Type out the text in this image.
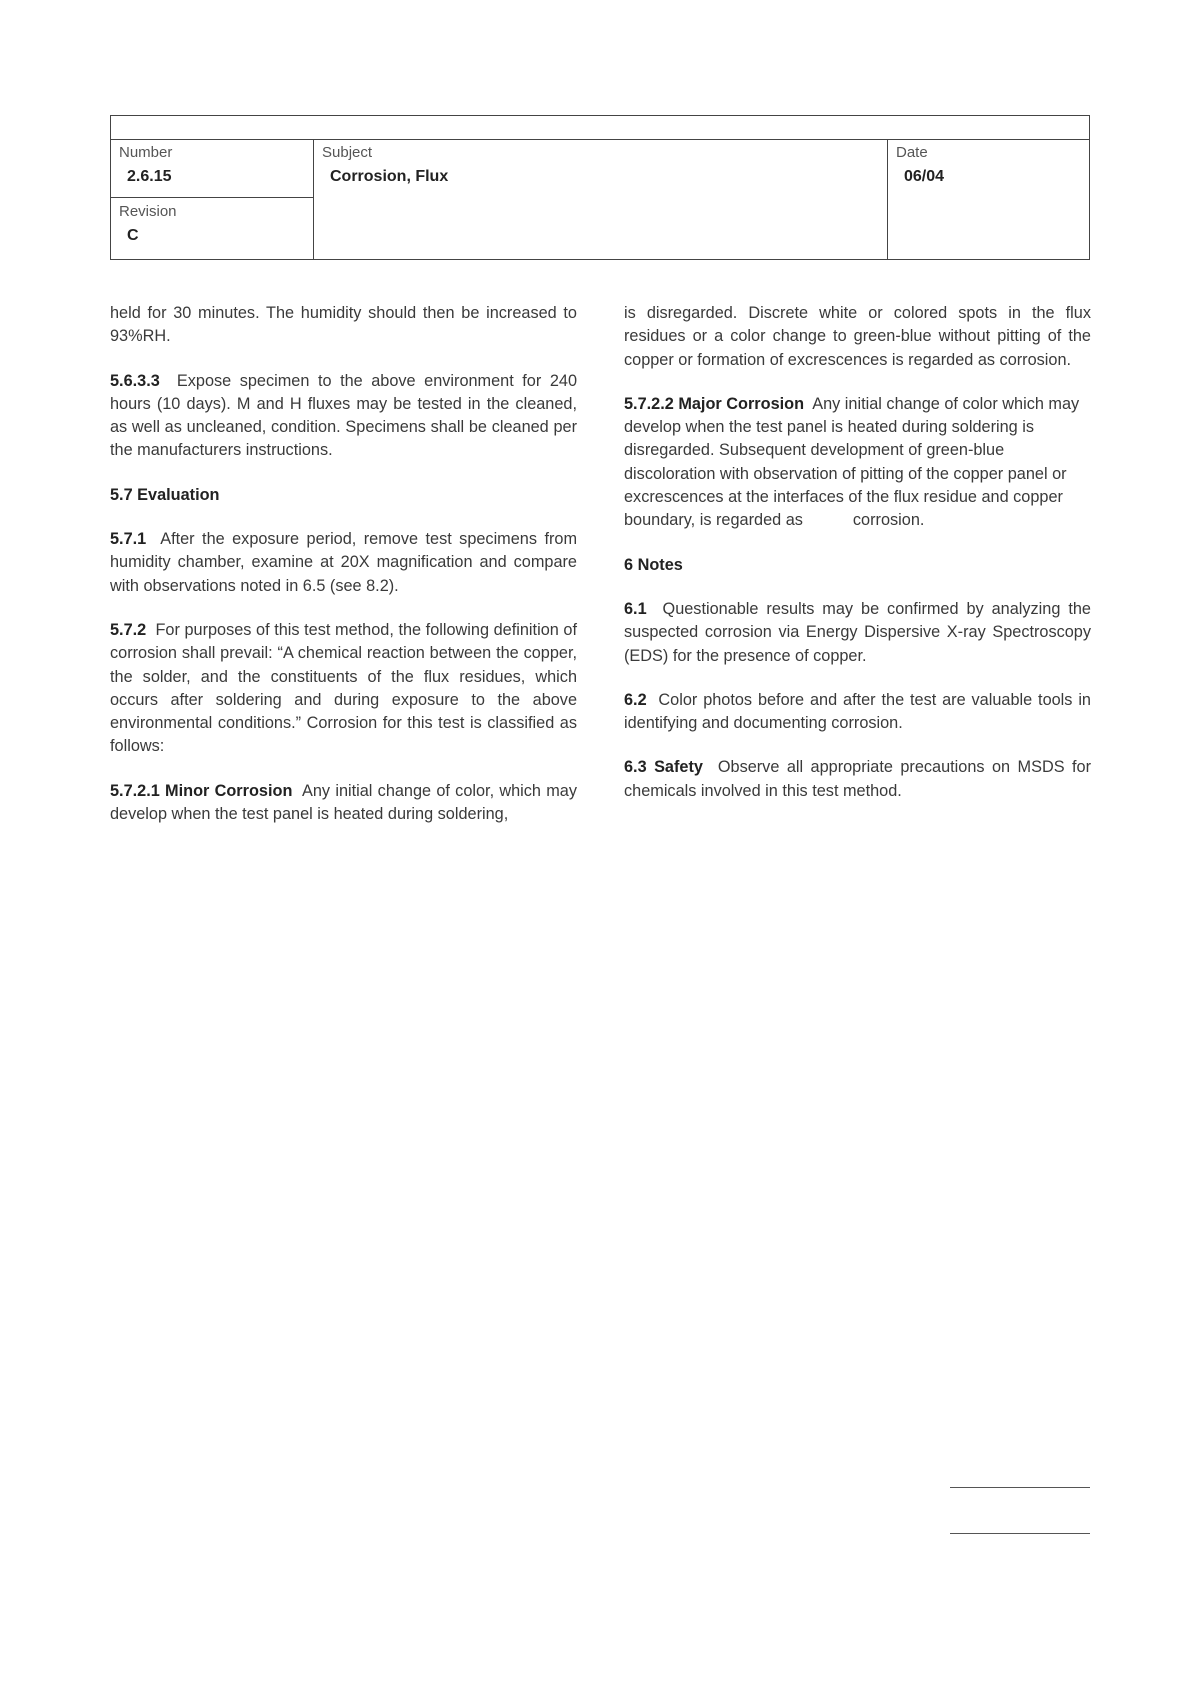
Number
2.6.15
Revision
C
Subject
Corrosion, Flux
Date
06/04

held for 30 minutes. The humidity should then be increased to 93%RH.

5.6.3.3 Expose specimen to the above environment for 240 hours (10 days). M and H fluxes may be tested in the cleaned, as well as uncleaned, condition. Specimens shall be cleaned per the manufacturers instructions.

5.7 Evaluation

5.7.1 After the exposure period, remove test specimens from humidity chamber, examine at 20X magnification and compare with observations noted in 6.5 (see 8.2).

5.7.2 For purposes of this test method, the following definition of corrosion shall prevail: “A chemical reaction between the copper, the solder, and the constituents of the flux residues, which occurs after soldering and during exposure to the above environmental conditions.” Corrosion for this test is classified as follows:

5.7.2.1 Minor Corrosion Any initial change of color, which may develop when the test panel is heated during soldering,

is disregarded. Discrete white or colored spots in the flux residues or a color change to green-blue without pitting of the copper or formation of excrescences is regarded as corrosion.

5.7.2.2 Major Corrosion Any initial change of color which may develop when the test panel is heated during soldering is disregarded. Subsequent development of green-blue discoloration with observation of pitting of the copper panel or excrescences at the interfaces of the flux residue and copper boundary, is regarded as	corrosion.

6 Notes

6.1 Questionable results may be confirmed by analyzing the suspected corrosion via Energy Dispersive X-ray Spectroscopy (EDS) for the presence of copper.

6.2 Color photos before and after the test are valuable tools in identifying and documenting corrosion.

6.3 Safety Observe all appropriate precautions on MSDS for chemicals involved in this test method.
